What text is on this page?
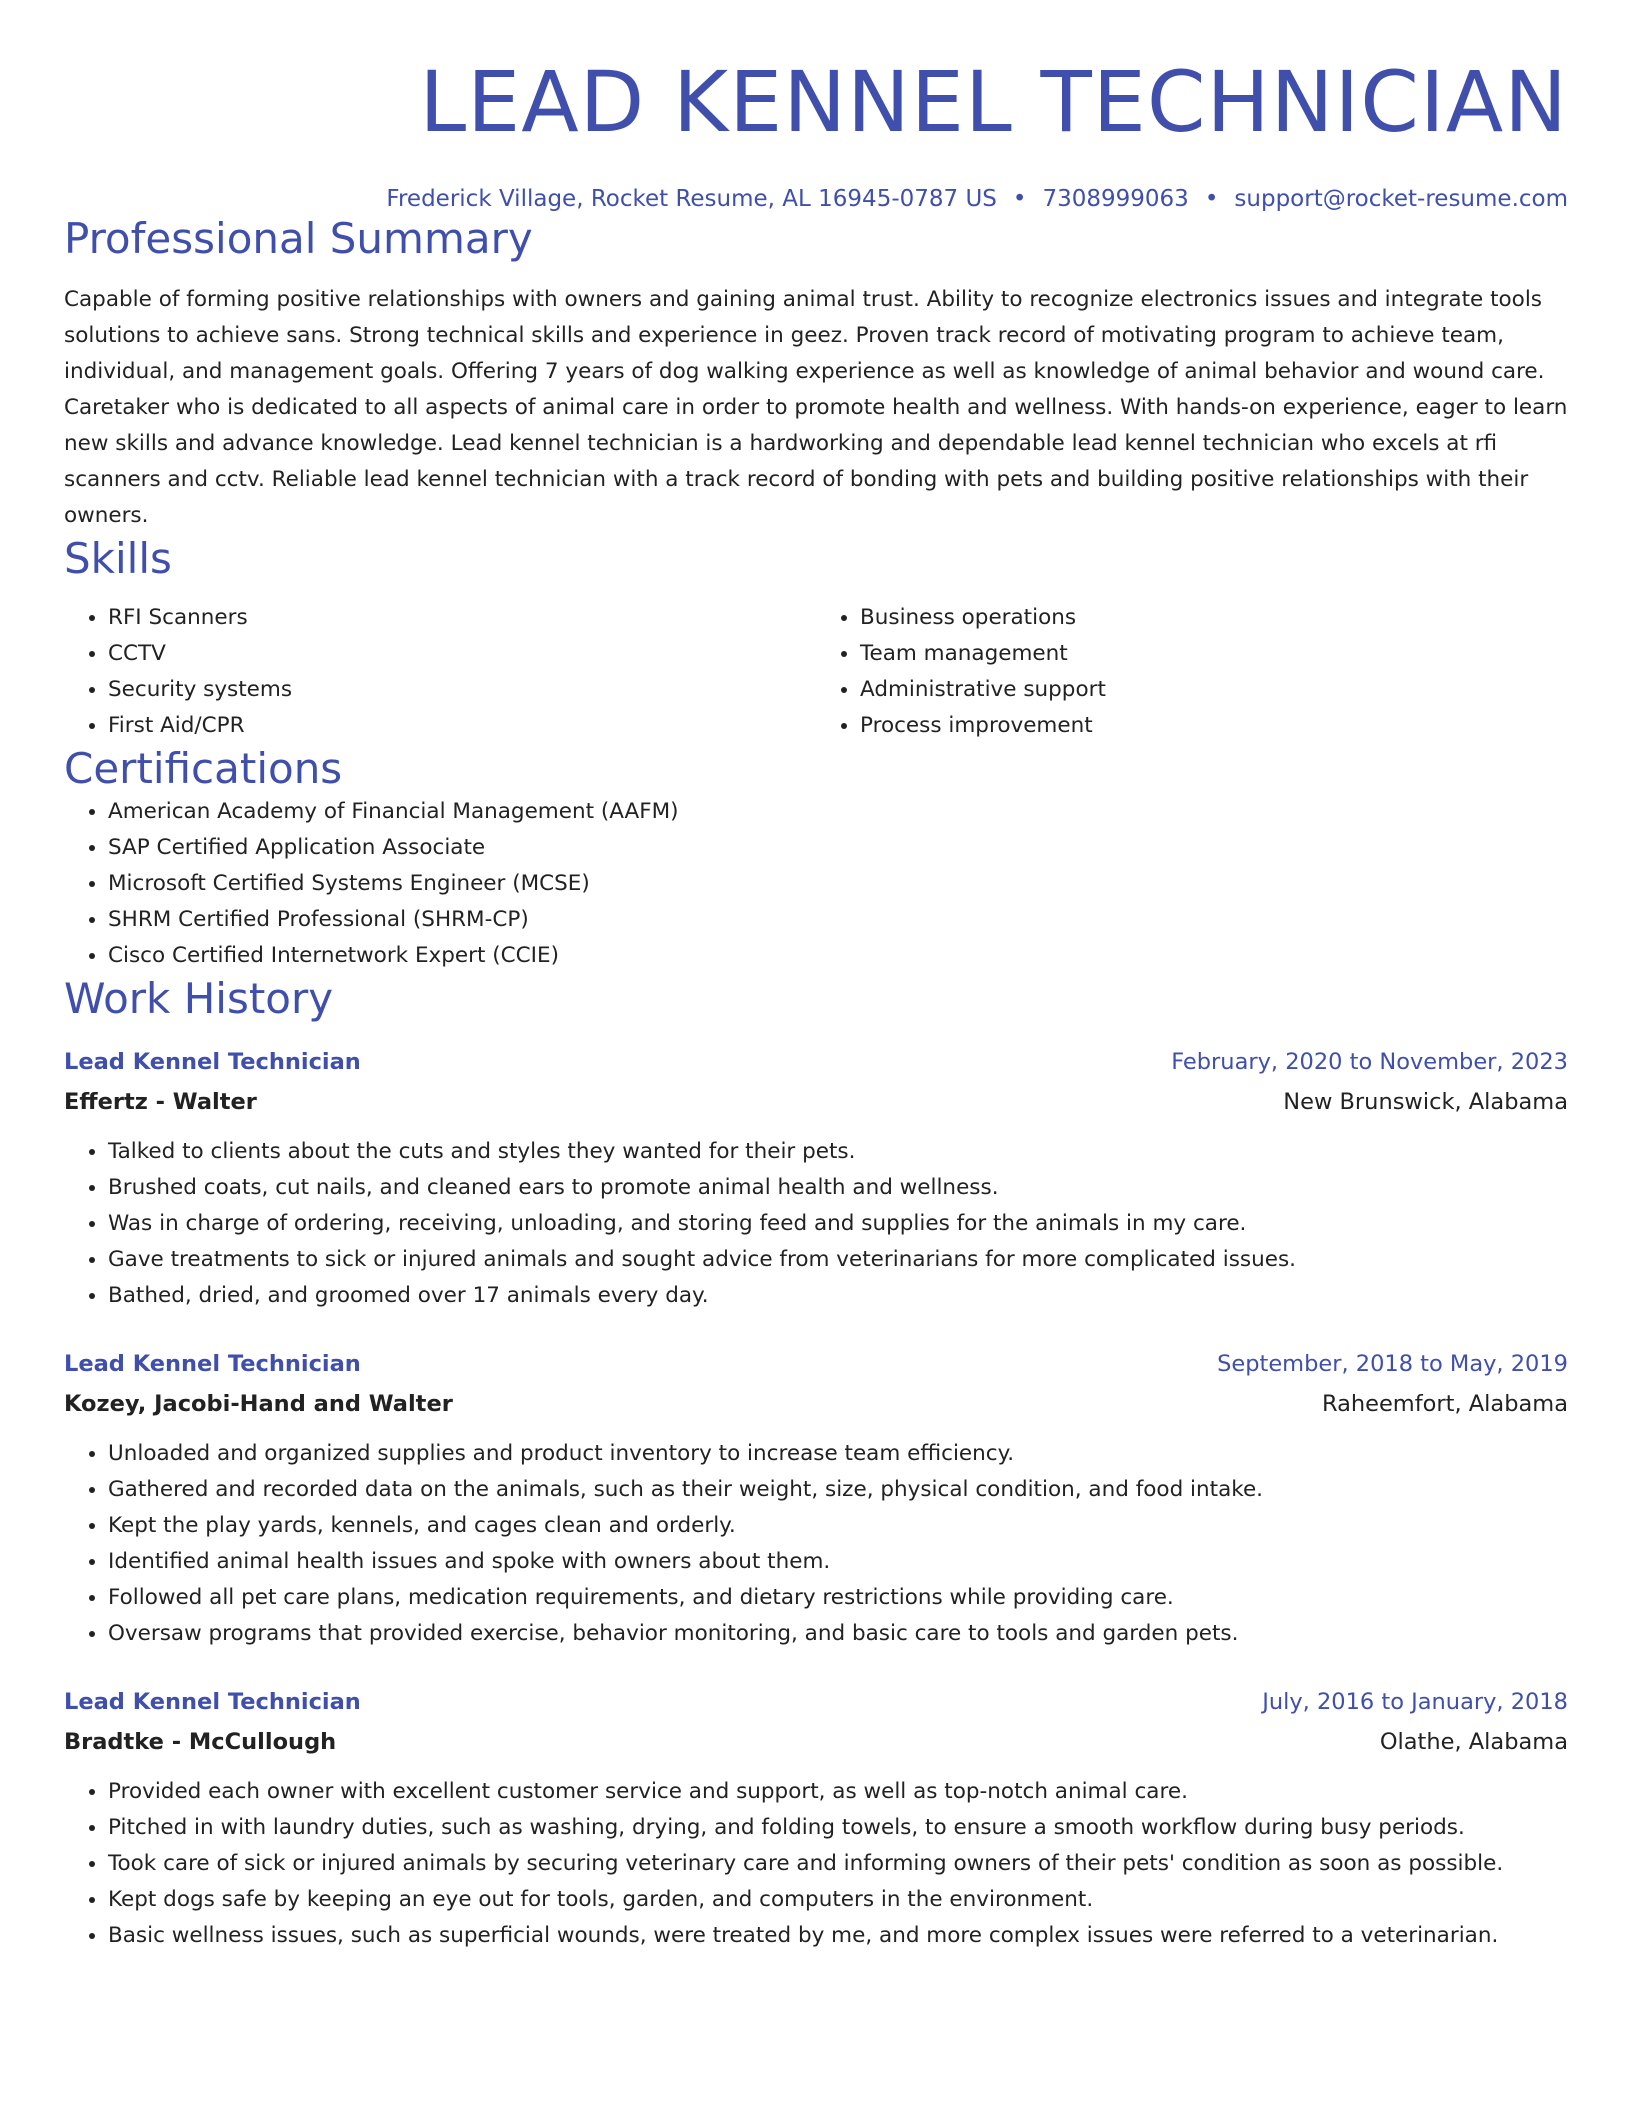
LEAD KENNEL TECHNICIAN
Frederick Village, Rocket Resume, AL 16945-0787 US • 7308999063 • support@rocket-resume.com
Professional Summary
Capable of forming positive relationships with owners and gaining animal trust. Ability to recognize electronics issues and integrate tools solutions to achieve sans. Strong technical skills and experience in geez. Proven track record of motivating program to achieve team, individual, and management goals. Offering 7 years of dog walking experience as well as knowledge of animal behavior and wound care. Caretaker who is dedicated to all aspects of animal care in order to promote health and wellness. With hands-on experience, eager to learn new skills and advance knowledge. Lead kennel technician is a hardworking and dependable lead kennel technician who excels at rfi scanners and cctv. Reliable lead kennel technician with a track record of bonding with pets and building positive relationships with their owners.
Skills
• RFI Scanners
• CCTV
• Security systems
• First Aid/CPR
• Business operations
• Team management
• Administrative support
• Process improvement
Certifications
• American Academy of Financial Management (AAFM)
• SAP Certified Application Associate
• Microsoft Certified Systems Engineer (MCSE)
• SHRM Certified Professional (SHRM-CP)
• Cisco Certified Internetwork Expert (CCIE)
Work History
Lead Kennel Technician	February, 2020 to November, 2023
Effertz - Walter	New Brunswick, Alabama
• Talked to clients about the cuts and styles they wanted for their pets.
• Brushed coats, cut nails, and cleaned ears to promote animal health and wellness.
• Was in charge of ordering, receiving, unloading, and storing feed and supplies for the animals in my care.
• Gave treatments to sick or injured animals and sought advice from veterinarians for more complicated issues.
• Bathed, dried, and groomed over 17 animals every day.
Lead Kennel Technician	September, 2018 to May, 2019
Kozey, Jacobi-Hand and Walter	Raheemfort, Alabama
• Unloaded and organized supplies and product inventory to increase team efficiency.
• Gathered and recorded data on the animals, such as their weight, size, physical condition, and food intake.
• Kept the play yards, kennels, and cages clean and orderly.
• Identified animal health issues and spoke with owners about them.
• Followed all pet care plans, medication requirements, and dietary restrictions while providing care.
• Oversaw programs that provided exercise, behavior monitoring, and basic care to tools and garden pets.
Lead Kennel Technician	July, 2016 to January, 2018
Bradtke - McCullough	Olathe, Alabama
• Provided each owner with excellent customer service and support, as well as top-notch animal care.
• Pitched in with laundry duties, such as washing, drying, and folding towels, to ensure a smooth workflow during busy periods.
• Took care of sick or injured animals by securing veterinary care and informing owners of their pets' condition as soon as possible.
• Kept dogs safe by keeping an eye out for tools, garden, and computers in the environment.
• Basic wellness issues, such as superficial wounds, were treated by me, and more complex issues were referred to a veterinarian.
